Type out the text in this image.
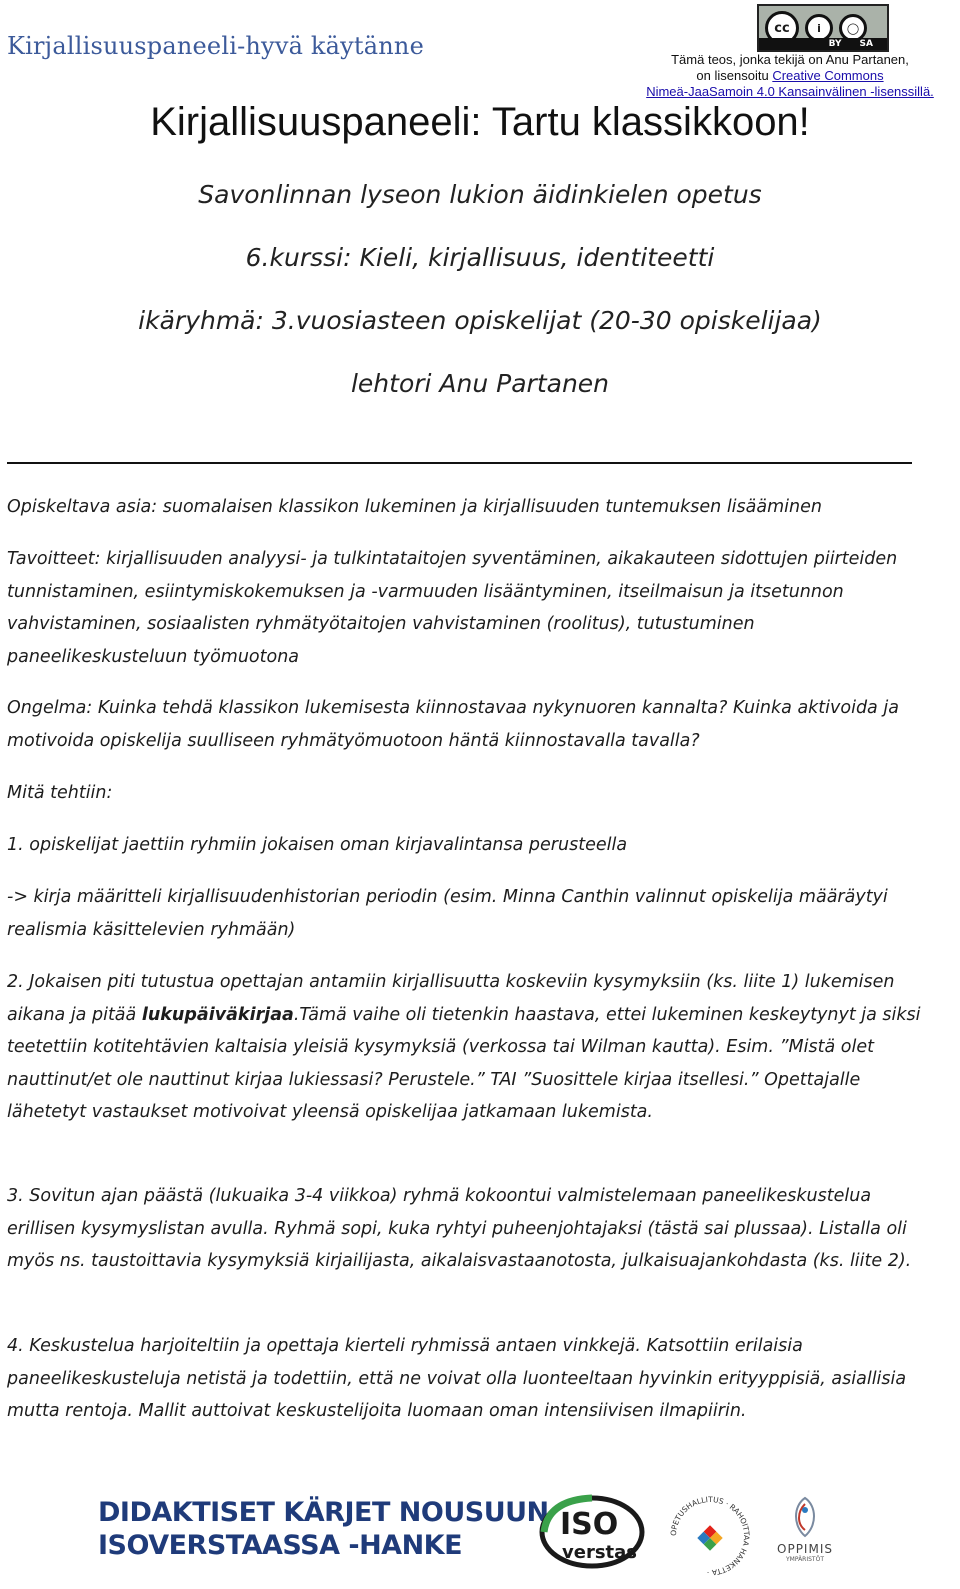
Kirjallisuuspaneeli-hyvä käytänne
cc	i	◯
BY SA
Tämä teos, jonka tekijä on Anu Partanen,
on lisensoitu Creative Commons
Nimeä-JaaSamoin 4.0 Kansainvälinen -lisenssillä.
Kirjallisuuspaneeli: Tartu klassikkoon!
Savonlinnan lyseon lukion äidinkielen opetus
6.kurssi: Kieli, kirjallisuus, identiteetti
ikäryhmä: 3.vuosiasteen opiskelijat (20-30 opiskelijaa)
lehtori Anu Partanen

Opiskeltava asia: suomalaisen klassikon lukeminen ja kirjallisuuden tuntemuksen lisääminen

Tavoitteet: kirjallisuuden analyysi- ja tulkintataitojen syventäminen, aikakauteen sidottujen piirteiden tunnistaminen, esiintymiskokemuksen ja -varmuuden lisääntyminen, itseilmaisun ja itsetunnon vahvistaminen, sosiaalisten ryhmätyötaitojen vahvistaminen (roolitus), tutustuminen paneelikeskusteluun työmuotona

Ongelma: Kuinka tehdä klassikon lukemisesta kiinnostavaa nykynuoren kannalta? Kuinka aktivoida ja motivoida opiskelija suulliseen ryhmätyömuotoon häntä kiinnostavalla tavalla?

Mitä tehtiin:

1. opiskelijat jaettiin ryhmiin jokaisen oman kirjavalintansa perusteella

-> kirja määritteli kirjallisuudenhistorian periodin (esim. Minna Canthin valinnut opiskelija määräytyi realismia käsittelevien ryhmään)

2. Jokaisen piti tutustua opettajan antamiin kirjallisuutta koskeviin kysymyksiin (ks. liite 1) lukemisen aikana ja pitää lukupäiväkirjaa.Tämä vaihe oli tietenkin haastava, ettei lukeminen keskeytynyt ja siksi teetettiin kotitehtävien kaltaisia yleisiä kysymyksiä (verkossa tai Wilman kautta). Esim. ”Mistä olet nauttinut/et ole nauttinut kirjaa lukiessasi? Perustele.” TAI ”Suosittele kirjaa itsellesi.” Opettajalle lähetetyt vastaukset motivoivat yleensä opiskelijaa jatkamaan lukemista.

3. Sovitun ajan päästä (lukuaika 3-4 viikkoa) ryhmä kokoontui valmistelemaan paneelikeskustelua erillisen kysymyslistan avulla. Ryhmä sopi, kuka ryhtyi puheenjohtajaksi (tästä sai plussaa). Listalla oli myös ns. taustoittavia kysymyksiä kirjailijasta, aikalaisvastaanotosta, julkaisuajankohdasta (ks. liite 2).

4. Keskustelua harjoiteltiin ja opettaja kierteli ryhmissä antaen vinkkejä. Katsottiin erilaisia paneelikeskusteluja netistä ja todettiin, että ne voivat olla luonteeltaan hyvinkin erityyppisiä, asiallisia mutta rentoja. Mallit auttoivat keskustelijoita luomaan oman intensiivisen ilmapiirin.

DIDAKTISET KÄRJET NOUSUUN
ISOVERSTAASSA -HANKE
ISO
verstas
OPETUSHALLITUS · RAHOITTAA HANKETTA ·
OPPIMIS
YMPÄRISTÖT
